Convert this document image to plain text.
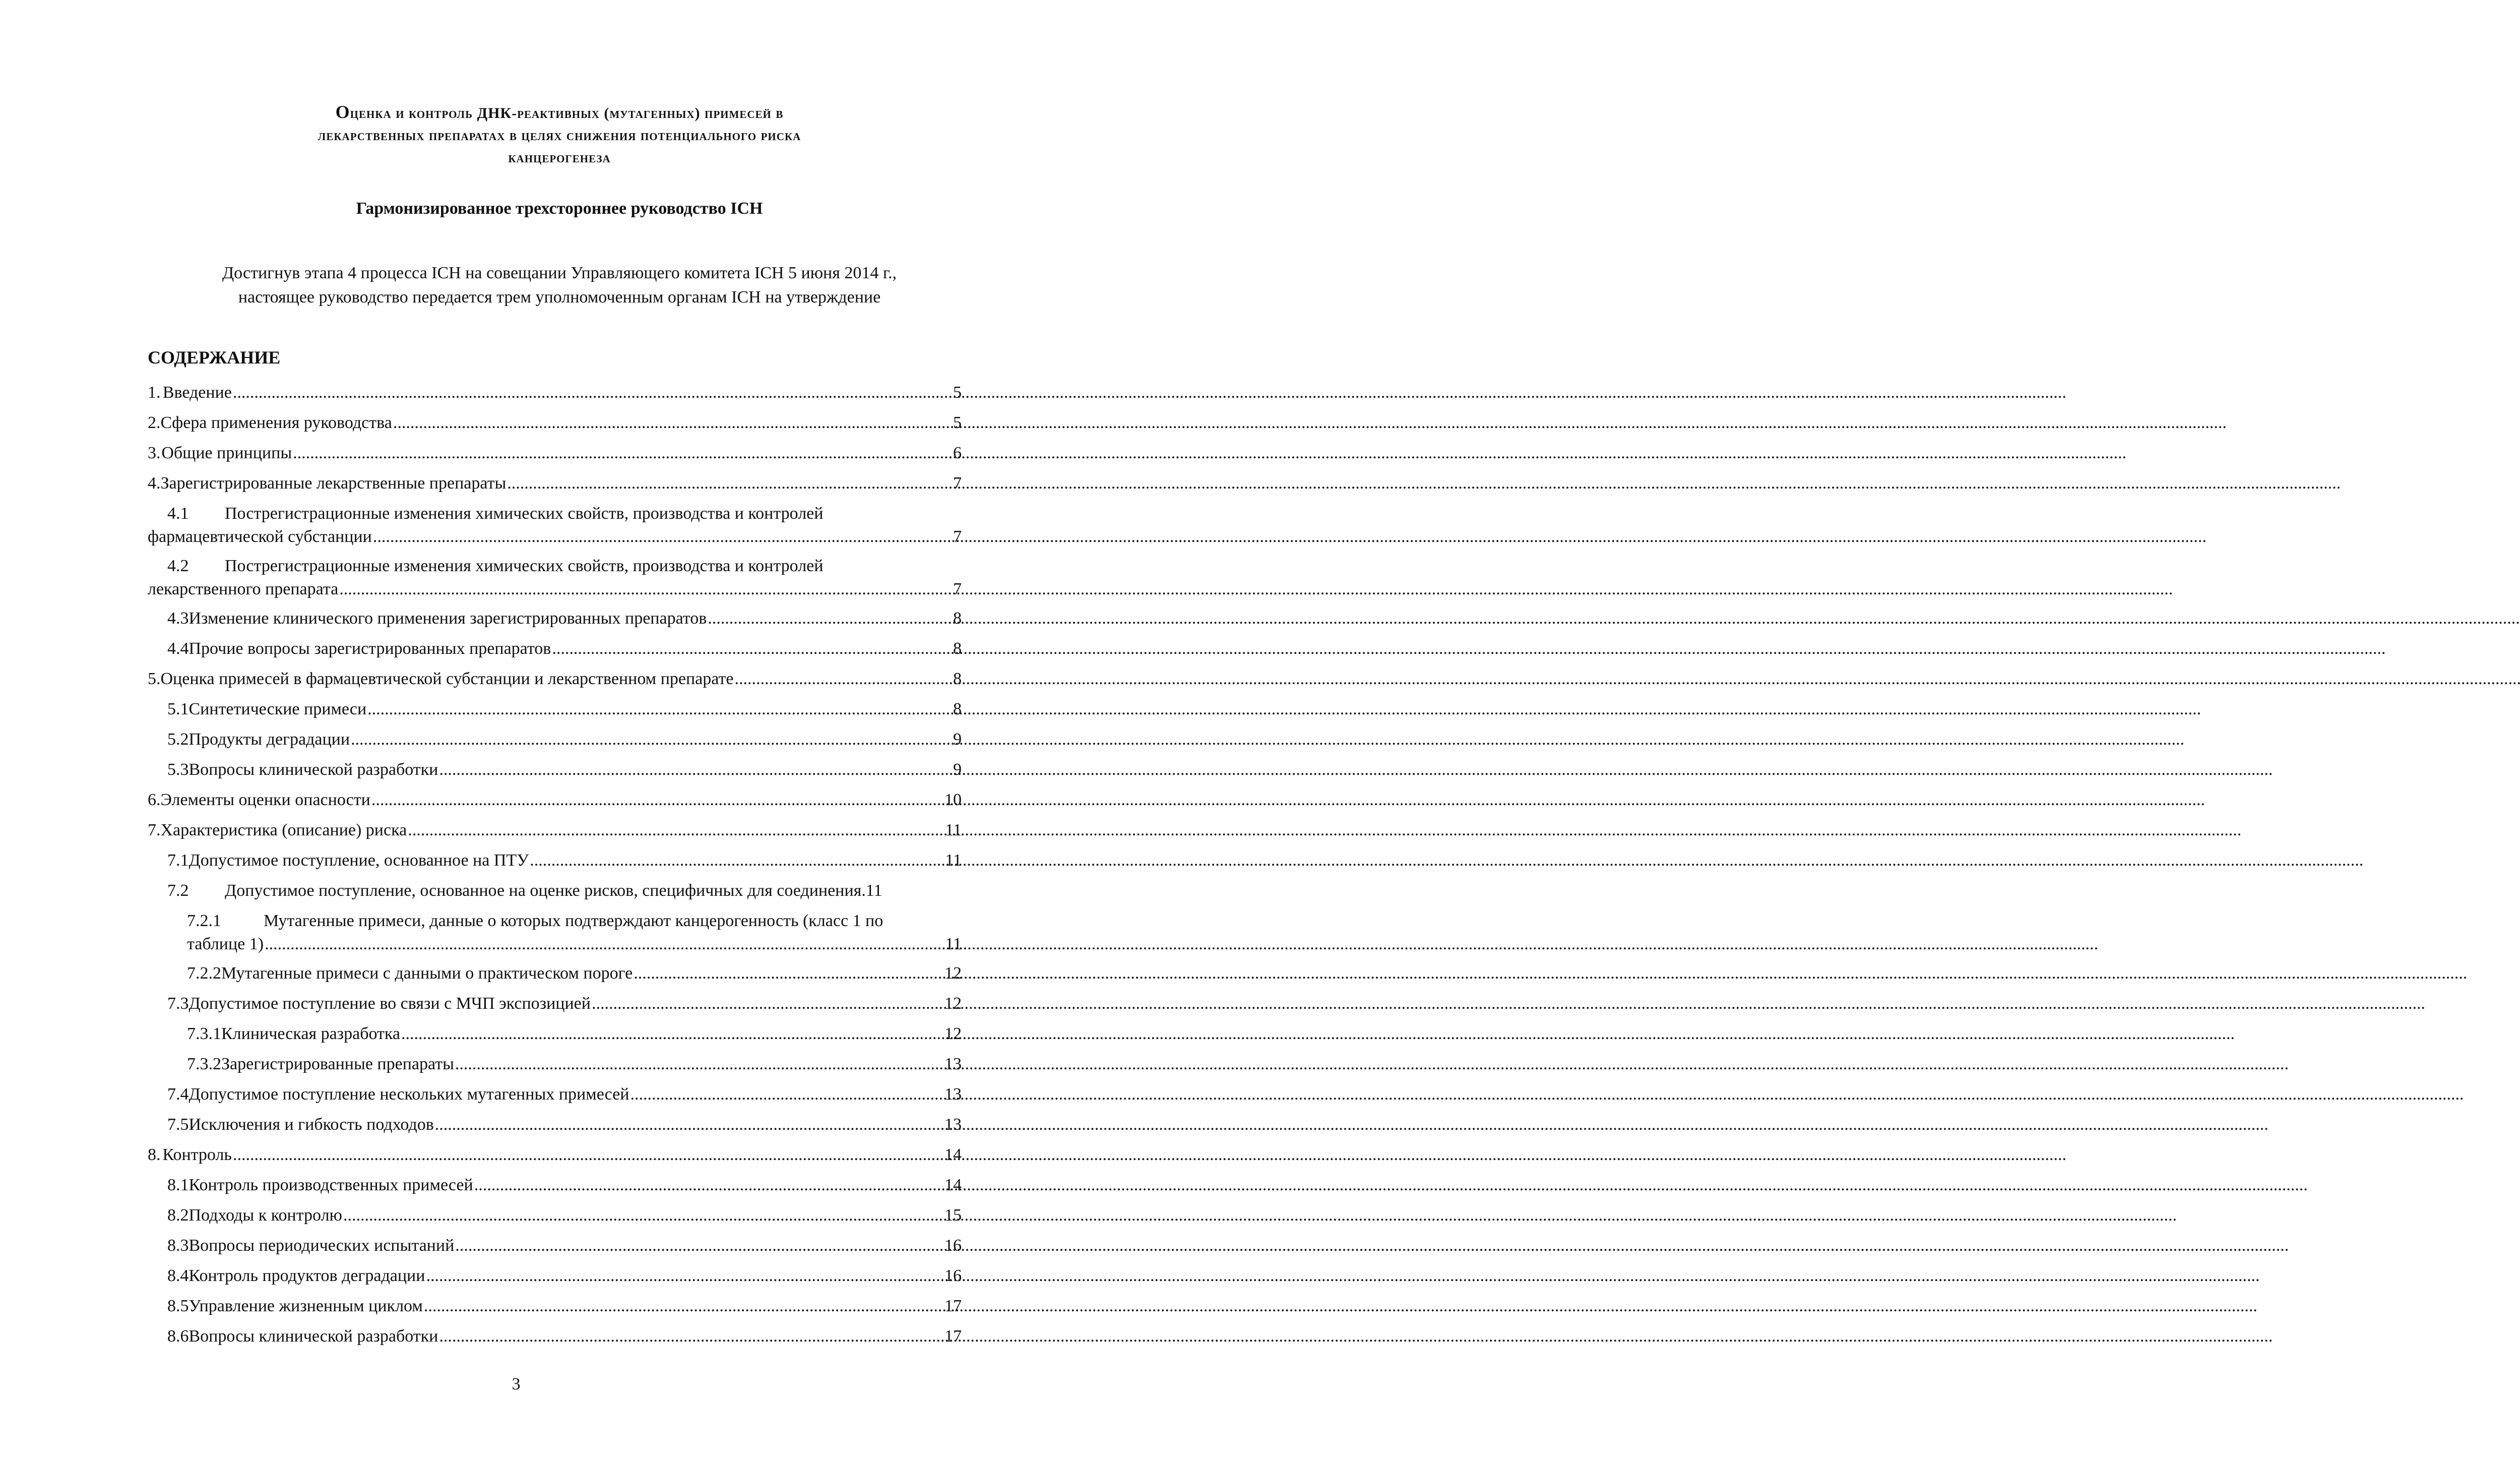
Оценка и контроль ДНК-реактивных (мутагенных) примесей в
лекарственных препаратах в целях снижения потенциального риска
канцерогенеза
Гармонизированное трехстороннее руководство ICH
Достигнув этапа 4 процесса ICH на совещании Управляющего комитета ICH 5 июня 2014 г.,
настоящее руководство передается трем уполномоченным органам ICH на утверждение
СОДЕРЖАНИЕ
1. Введение .....	5
2. Сфера применения руководства .....	5
3. Общие принципы .....	6
4. Зарегистрированные лекарственные препараты .....	7
4.1 Пострегистрационные изменения химических свойств, производства и контролей
фармацевтической субстанции .....	7
4.2 Пострегистрационные изменения химических свойств, производства и контролей
лекарственного препарата .....	7
4.3 Изменение клинического применения зарегистрированных препаратов .....	8
4.4 Прочие вопросы зарегистрированных препаратов .....	8
5. Оценка примесей в фармацевтической субстанции и лекарственном препарате .....	8
5.1 Синтетические примеси .....	8
5.2 Продукты деградации .....	9
5.3 Вопросы клинической разработки .....	9
6. Элементы оценки опасности .....	10
7. Характеристика (описание) риска .....	11
7.1 Допустимое поступление, основанное на ПТУ .....	11
7.2	Допустимое поступление, основанное на оценке рисков, специфичных для соединения. 11
7.2.1 Мутагенные примеси, данные о которых подтверждают канцерогенность (класс 1 по
таблице 1) .....	11
7.2.2 Мутагенные примеси с данными о практическом пороге .....	12
7.3 Допустимое поступление во связи с МЧП экспозицией .....	12
7.3.1 Клиническая разработка .....	12
7.3.2 Зарегистрированные препараты .....	13
7.4 Допустимое поступление нескольких мутагенных примесей .....	13
7.5 Исключения и гибкость подходов .....	13
8. Контроль .....	14
8.1 Контроль производственных примесей .....	14
8.2 Подходы к контролю .....	15
8.3 Вопросы периодических испытаний .....	16
8.4 Контроль продуктов деградации .....	16
8.5 Управление жизненным циклом .....	17
8.6 Вопросы клинической разработки .....	17
3
